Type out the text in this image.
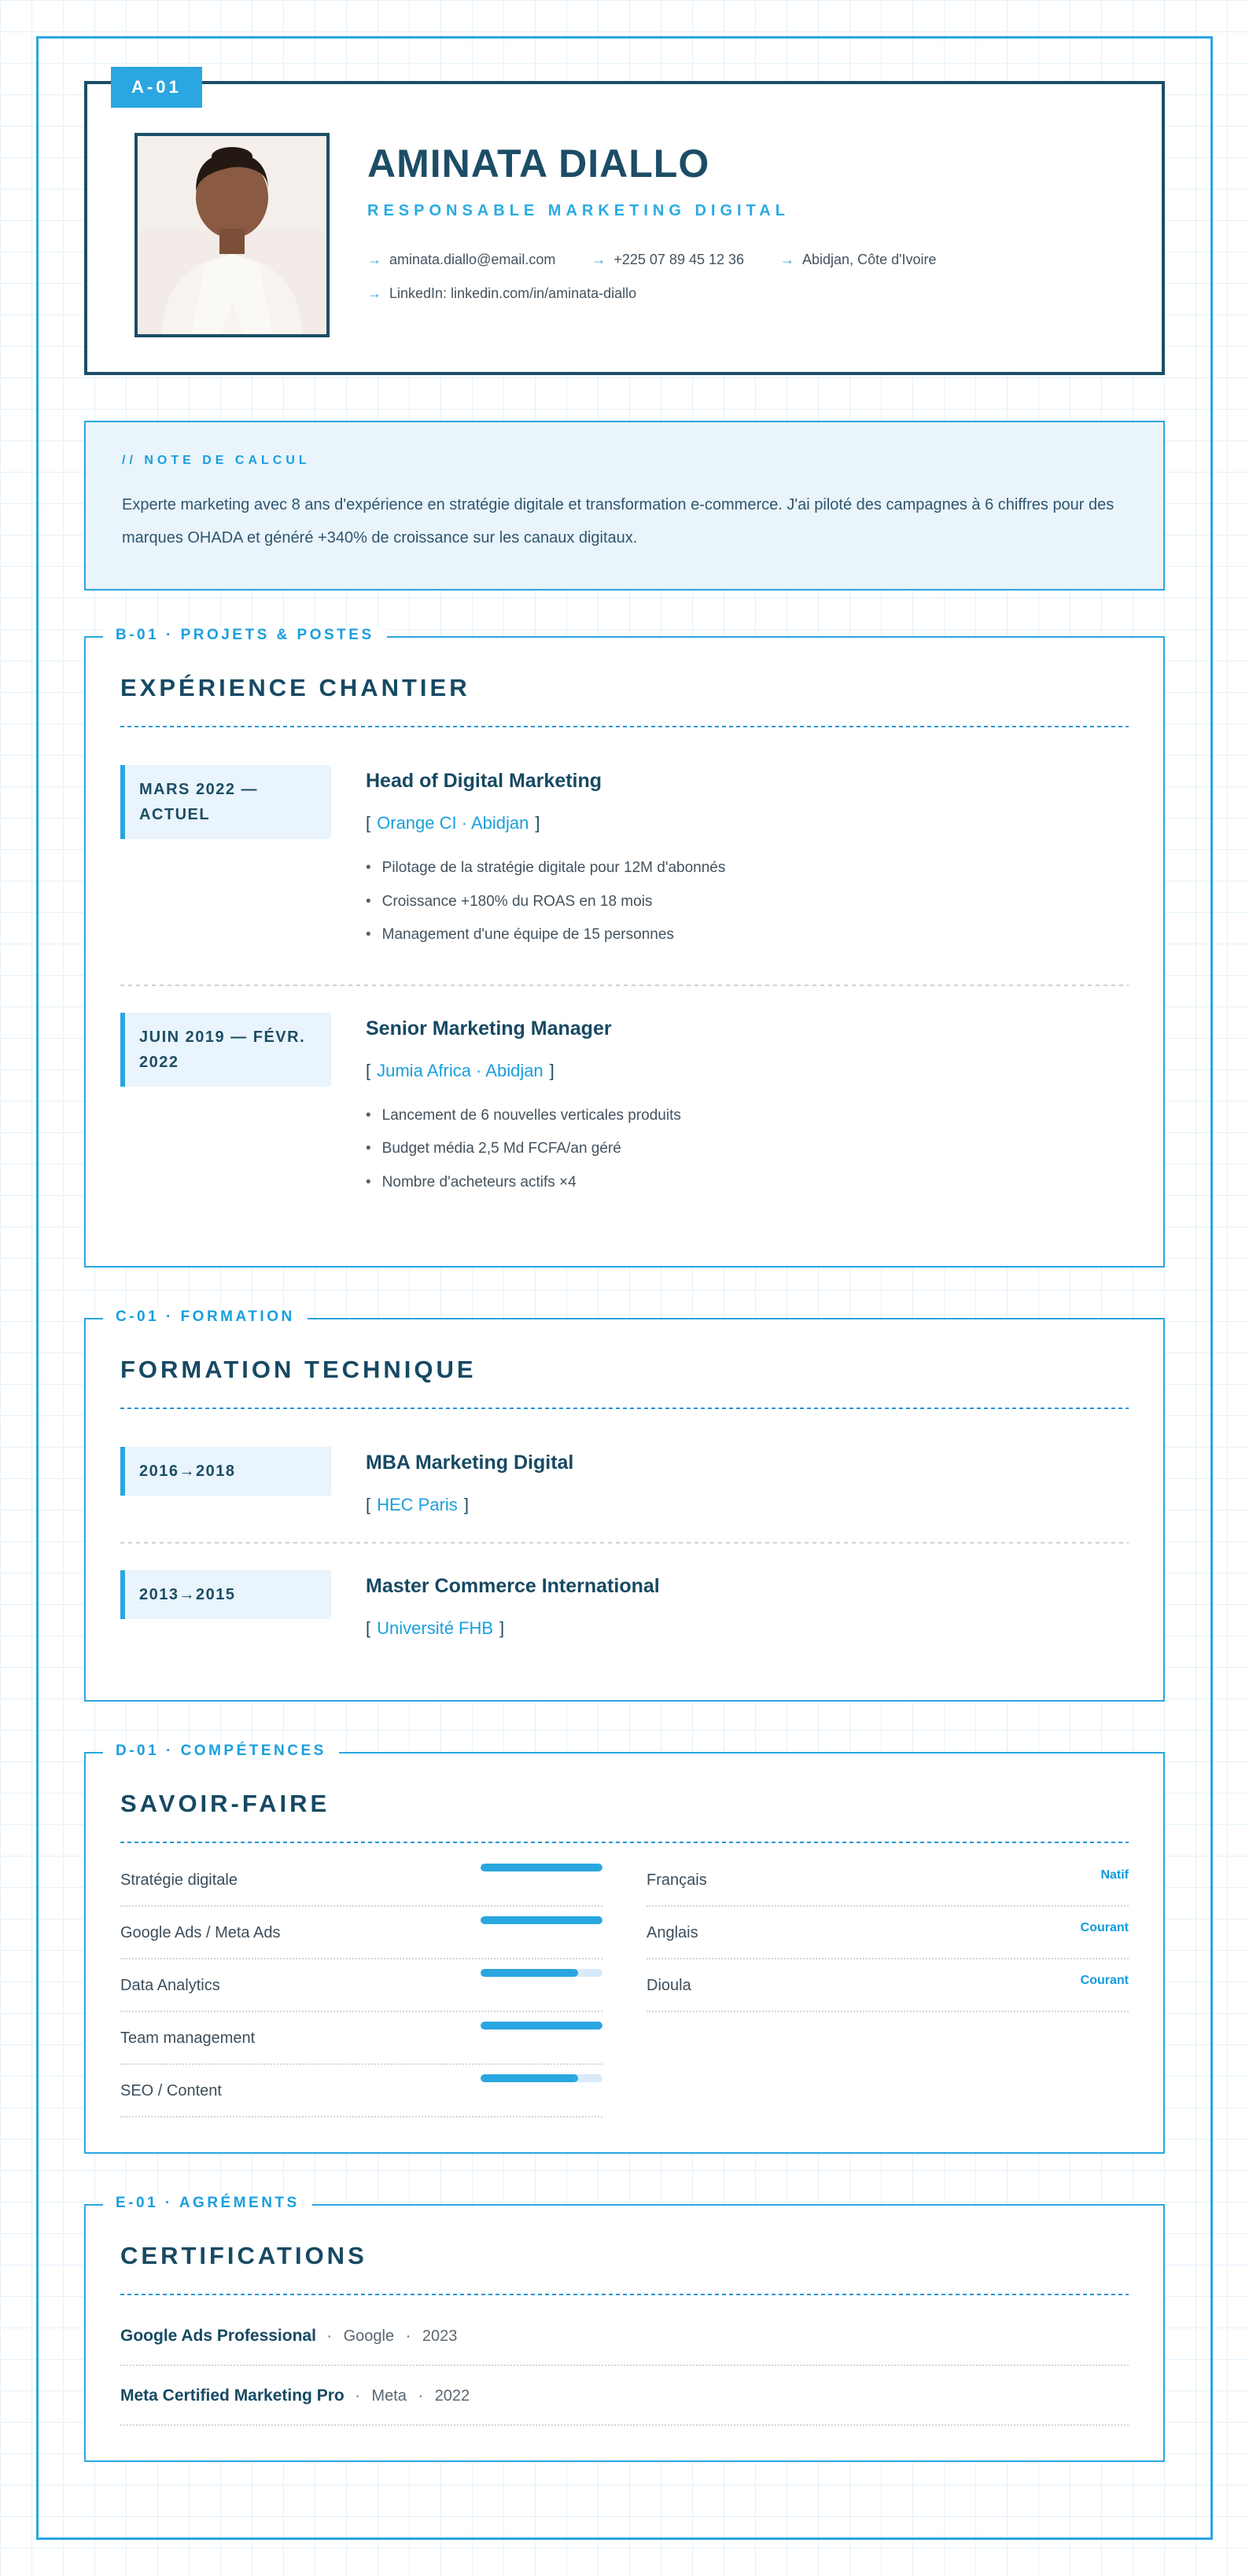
A-01
AMINATA DIALLO
RESPONSABLE MARKETING DIGITAL
→ aminata.diallo@email.com	→ +225 07 89 45 12 36	→ Abidjan, Côte d'Ivoire
→ LinkedIn: linkedin.com/in/aminata-diallo
// NOTE DE CALCUL
Experte marketing avec 8 ans d'expérience en stratégie digitale et transformation e-commerce. J'ai piloté des campagnes à 6 chiffres pour des marques OHADA et généré +340% de croissance sur les canaux digitaux.
B-01 · PROJETS & POSTES
EXPÉRIENCE CHANTIER
MARS 2022 — ACTUEL
Head of Digital Marketing
[ Orange CI · Abidjan ]
• Pilotage de la stratégie digitale pour 12M d'abonnés
• Croissance +180% du ROAS en 18 mois
• Management d'une équipe de 15 personnes
JUIN 2019 — FÉVR. 2022
Senior Marketing Manager
[ Jumia Africa · Abidjan ]
• Lancement de 6 nouvelles verticales produits
• Budget média 2,5 Md FCFA/an géré
• Nombre d'acheteurs actifs ×4
C-01 · FORMATION
FORMATION TECHNIQUE
2016→2018	MBA Marketing Digital
[ HEC Paris ]
2013→2015	Master Commerce International
[ Université FHB ]
D-01 · COMPÉTENCES
SAVOIR-FAIRE
Stratégie digitale
Google Ads / Meta Ads
Data Analytics
Team management
SEO / Content
Français	Natif
Anglais	Courant
Dioula	Courant
E-01 · AGRÉMENTS
CERTIFICATIONS
Google Ads Professional · Google · 2023
Meta Certified Marketing Pro · Meta · 2022
